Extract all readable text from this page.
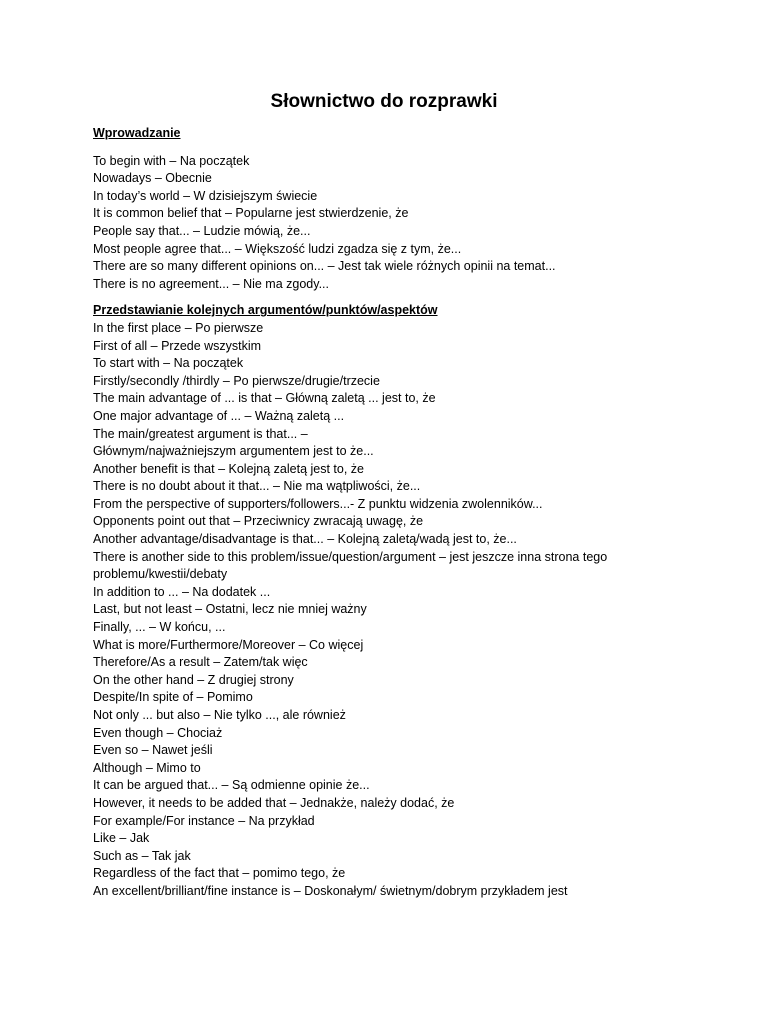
Słownictwo do rozprawki
Wprowadzanie
To begin with – Na początek
Nowadays – Obecnie
In today’s world – W dzisiejszym świecie
It is common belief that – Popularne jest stwierdzenie, że
People say that... – Ludzie mówią, że...
Most people agree that... – Większość ludzi zgadza się z tym, że...
There are so many different opinions on... – Jest tak wiele różnych opinii na temat...
There is no agreement... – Nie ma zgody...
Przedstawianie kolejnych argumentów/punktów/aspektów
In the first place – Po pierwsze
First of all – Przede wszystkim
To start with – Na początek
Firstly/secondly /thirdly – Po pierwsze/drugie/trzecie
The main advantage of ... is that – Główną zaletą ... jest to, że
One major advantage of ... – Ważną zaletą ...
The main/greatest argument is that... –
Głównym/najważniejszym argumentem jest to że...
Another benefit is that – Kolejną zaletą jest to, że
There is no doubt about it that... – Nie ma wątpliwości, że...
From the perspective of supporters/followers...- Z punktu widzenia zwolenników...
Opponents point out that – Przeciwnicy zwracają uwagę, że
Another advantage/disadvantage is that... – Kolejną zaletą/wadą jest to, że...
There is another side to this problem/issue/question/argument – jest jeszcze inna strona tego problemu/kwestii/debaty
In addition to ... – Na dodatek ...
Last, but not least – Ostatni, lecz nie mniej ważny
Finally, ... – W końcu, ...
What is more/Furthermore/Moreover – Co więcej
Therefore/As a result – Zatem/tak więc
On the other hand – Z drugiej strony
Despite/In spite of – Pomimo
Not only ... but also – Nie tylko ..., ale również
Even though – Chociaż
Even so – Nawet jeśli
Although – Mimo to
It can be argued that... – Są odmienne opinie że...
However, it needs to be added that – Jednakże, należy dodać, że
For example/For instance – Na przykład
Like – Jak
Such as – Tak jak
Regardless of the fact that – pomimo tego, że
An excellent/brilliant/fine instance is – Doskonałym/ świetnym/dobrym przykładem jest
